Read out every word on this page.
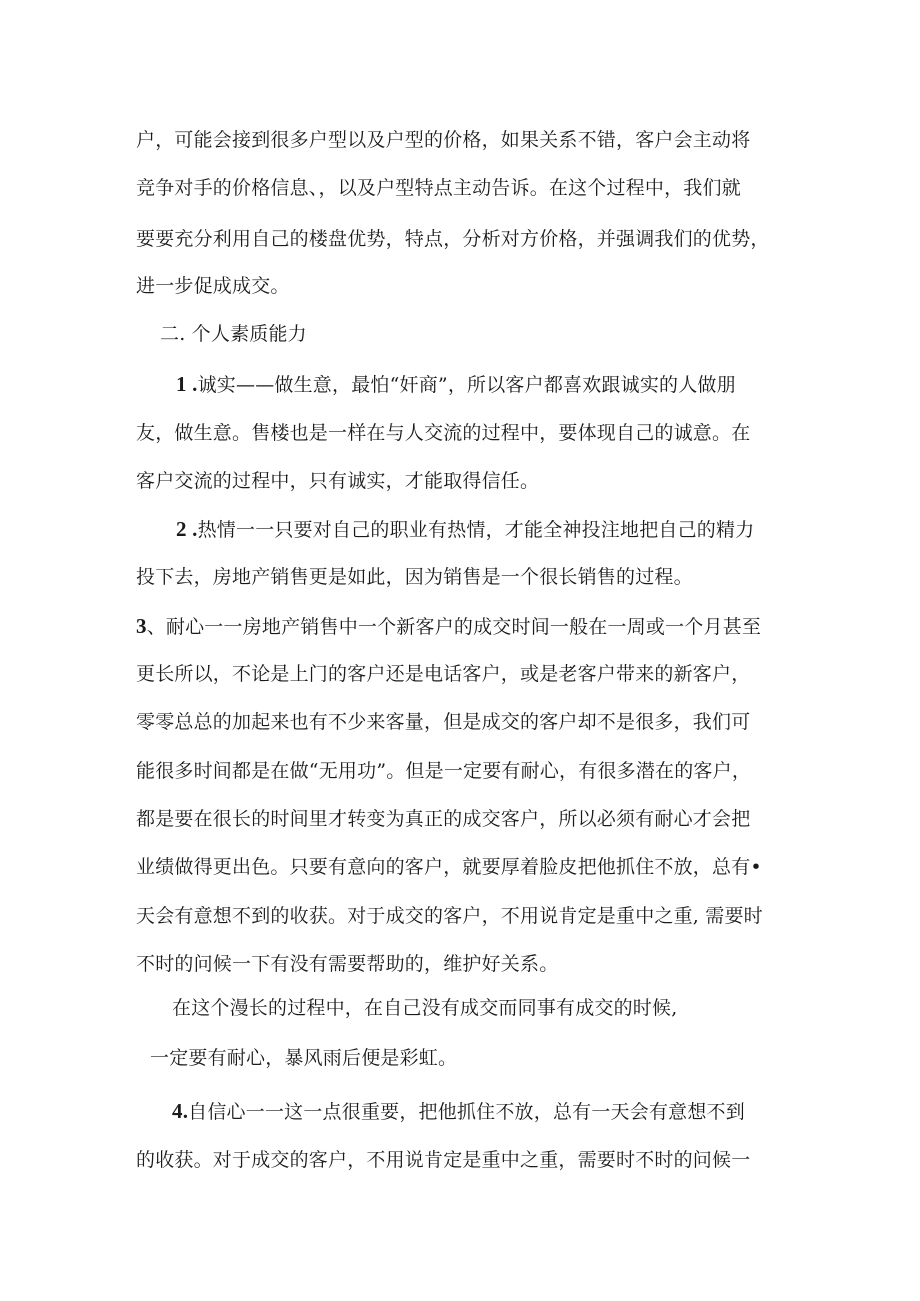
户，可能会接到很多户型以及户型的价格，如果关系不错，客户会主动将
竞争对手的价格信息、，以及户型特点主动告诉。在这个过程中，我们就
要要充分利用自己的楼盘优势，特点，分析对方价格，并强调我们的优势，
进一步促成成交。
二. 个人素质能力
1 .诚实——做生意，最怕“奸商”，所以客户都喜欢跟诚实的人做朋
友，做生意。售楼也是一样在与人交流的过程中，要体现自己的诚意。在
客户交流的过程中，只有诚实，才能取得信任。
2 .热情一一只要对自己的职业有热情，才能全神投注地把自己的精力
投下去，房地产销售更是如此，因为销售是一个很长销售的过程。
3、耐心一一房地产销售中一个新客户的成交时间一般在一周或一个月甚至
更长所以，不论是上门的客户还是电话客户，或是老客户带来的新客户，
零零总总的加起来也有不少来客量，但是成交的客户却不是很多，我们可
能很多时间都是在做“无用功”。但是一定要有耐心，有很多潜在的客户，
都是要在很长的时间里才转变为真正的成交客户，所以必须有耐心才会把
业绩做得更出色。只要有意向的客户，就要厚着脸皮把他抓住不放，总有•
天会有意想不到的收获。对于成交的客户，不用说肯定是重中之重, 需要时
不时的问候一下有没有需要帮助的，维护好关系。
在这个漫长的过程中，在自己没有成交而同事有成交的时候,
一定要有耐心，暴风雨后便是彩虹。
4.自信心一一这一点很重要，把他抓住不放，总有一天会有意想不到
的收获。对于成交的客户，不用说肯定是重中之重，需要时不时的问候一
